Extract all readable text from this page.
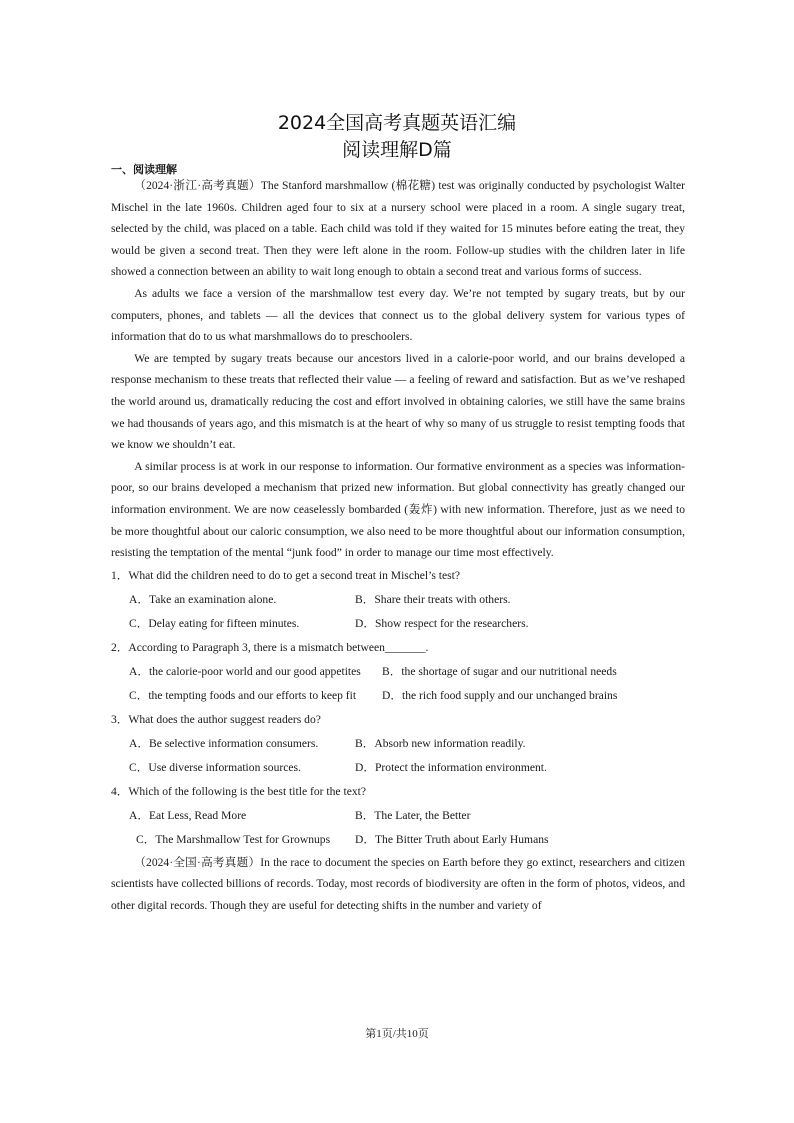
2024全国高考真题英语汇编
阅读理解D篇
一、阅读理解

（2024·浙江·高考真题）The Stanford marshmallow (棉花糖) test was originally conducted by psychologist Walter Mischel in the late 1960s. Children aged four to six at a nursery school were placed in a room. A single sugary treat, selected by the child, was placed on a table. Each child was told if they waited for 15 minutes before eating the treat, they would be given a second treat. Then they were left alone in the room. Follow-up studies with the children later in life showed a connection between an ability to wait long enough to obtain a second treat and various forms of success.

As adults we face a version of the marshmallow test every day. We’re not tempted by sugary treats, but by our computers, phones, and tablets — all the devices that connect us to the global delivery system for various types of information that do to us what marshmallows do to preschoolers.

We are tempted by sugary treats because our ancestors lived in a calorie-poor world, and our brains developed a response mechanism to these treats that reflected their value — a feeling of reward and satisfaction. But as we’ve reshaped the world around us, dramatically reducing the cost and effort involved in obtaining calories, we still have the same brains we had thousands of years ago, and this mismatch is at the heart of why so many of us struggle to resist tempting foods that we know we shouldn’t eat.

A similar process is at work in our response to information. Our formative environment as a species was information-poor, so our brains developed a mechanism that prized new information. But global connectivity has greatly changed our information environment. We are now ceaselessly bombarded (轰炸) with new information. Therefore, just as we need to be more thoughtful about our caloric consumption, we also need to be more thoughtful about our information consumption, resisting the temptation of the mental “junk food” in order to manage our time most effectively.

1．What did the children need to do to get a second treat in Mischel’s test?

A．Take an examination alone.	B．Share their treats with others.
C．Delay eating for fifteen minutes.	D．Show respect for the researchers.

2．According to Paragraph 3, there is a mismatch between_______.

A．the calorie-poor world and our good appetites	B．the shortage of sugar and our nutritional needs
C．the tempting foods and our efforts to keep fit	D．the rich food supply and our unchanged brains

3．What does the author suggest readers do?

A．Be selective information consumers.	B．Absorb new information readily.
C．Use diverse information sources.	D．Protect the information environment.

4．Which of the following is the best title for the text?

A．Eat Less, Read More	B．The Later, the Better
C．The Marshmallow Test for Grownups	D．The Bitter Truth about Early Humans

（2024·全国·高考真题）In the race to document the species on Earth before they go extinct, researchers and citizen scientists have collected billions of records. Today, most records of biodiversity are often in the form of photos, videos, and other digital records. Though they are useful for detecting shifts in the number and variety of

第1页/共10页
